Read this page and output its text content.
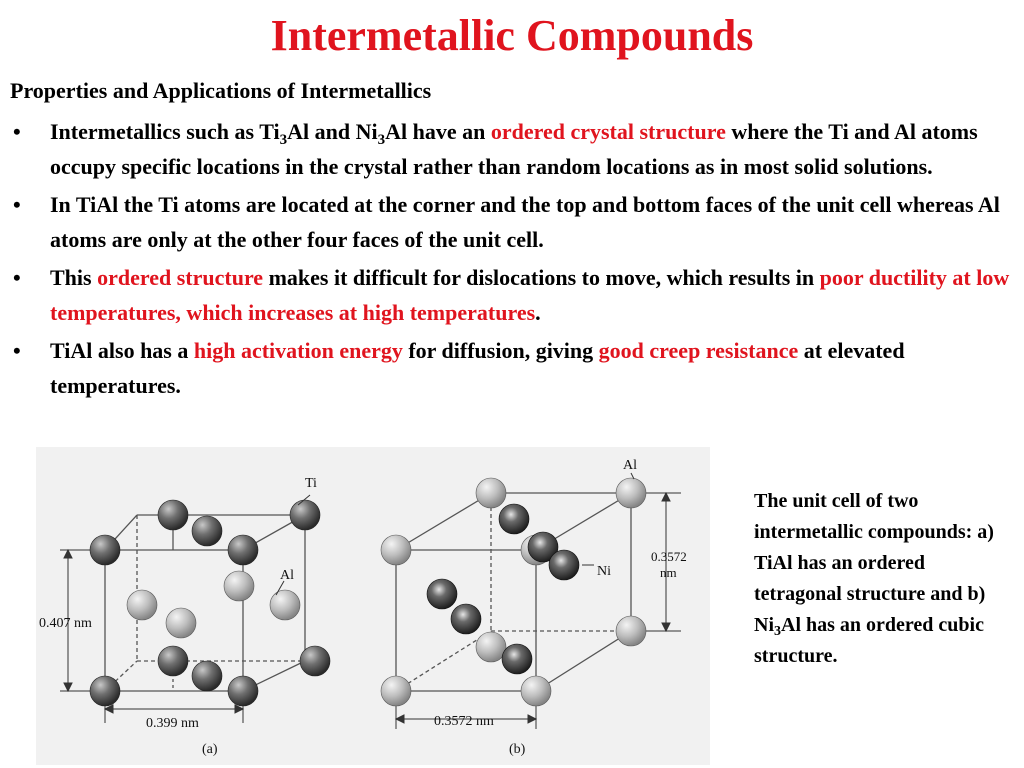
Intermetallic Compounds
Properties and Applications of Intermetallics
• Intermetallics such as $Ti_3Al$ and $Ni_3Al$ have an ordered crystal structure where the Ti and Al atoms occupy specific locations in the crystal rather than random locations as in most solid solutions.
• In TiAl the Ti atoms are located at the corner and the top and bottom faces of the unit cell whereas Al atoms are only at the other four faces of the unit cell.
• This ordered structure makes it difficult for dislocations to move, which results in poor ductility at low temperatures, which increases at high temperatures.
• TiAl also has a high activation energy for diffusion, giving good creep resistance at elevated temperatures.
Ti
Al
0.407 nm
0.399 nm
(a)
Al
Ni
0.3572 nm
0.3572 nm
(b)
The unit cell of two intermetallic compounds: a) TiAl has an ordered tetragonal structure and b) $Ni_3Al$ has an ordered cubic structure.
